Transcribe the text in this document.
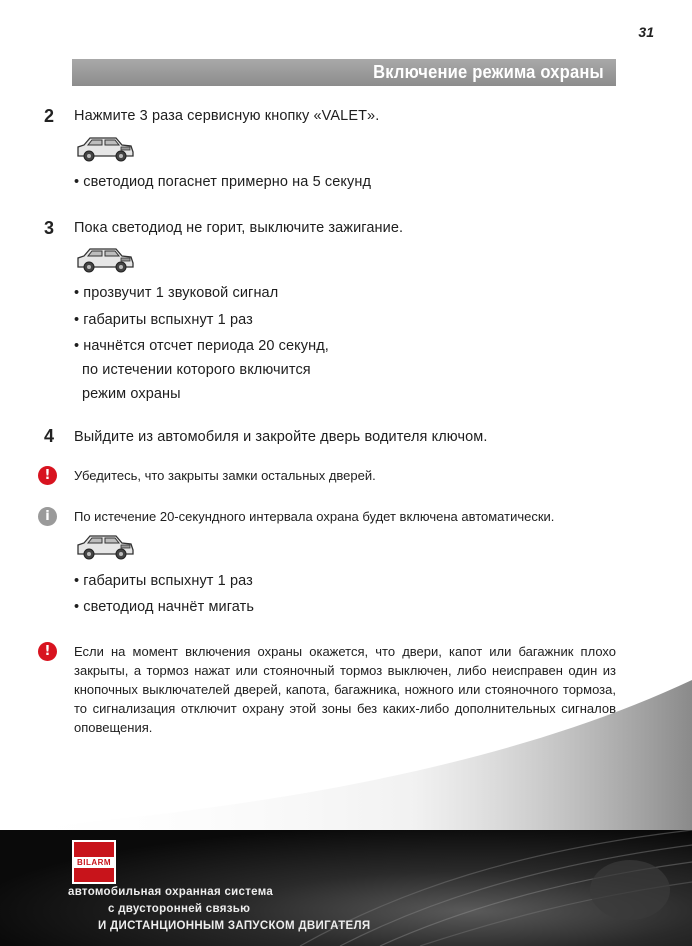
31
Включение режима охраны
2 Нажмите 3 раза сервисную кнопку «VALET».
• светодиод погаснет примерно на 5 секунд
3 Пока светодиод не горит, выключите зажигание.
• прозвучит 1 звуковой сигнал
• габариты вспыхнут 1 раз
• начнётся отсчет периода 20 секунд,
по истечении которого включится
режим охраны
4 Выйдите из автомобиля и закройте дверь водителя ключом.
!	Убедитесь, что закрыты замки остальных дверей.
i	По истечение 20-секундного интервала охрана будет включена автоматически.
• габариты вспыхнут 1 раз
• светодиод начнёт мигать
!	Если на момент включения охраны окажется, что двери, капот или багажник плохо закрыты, а тормоз нажат или стояночный тормоз выключен, либо неисправен один из кнопочных выключателей дверей, капота, багажника, ножного или стояночного тормоза, то сигнализация отключит охрану этой зоны без каких-либо дополнительных сигналов оповещения.
BILARM
автомобильная охранная система
с двусторонней связью
И ДИСТАНЦИОННЫМ ЗАПУСКОМ ДВИГАТЕЛЯ
